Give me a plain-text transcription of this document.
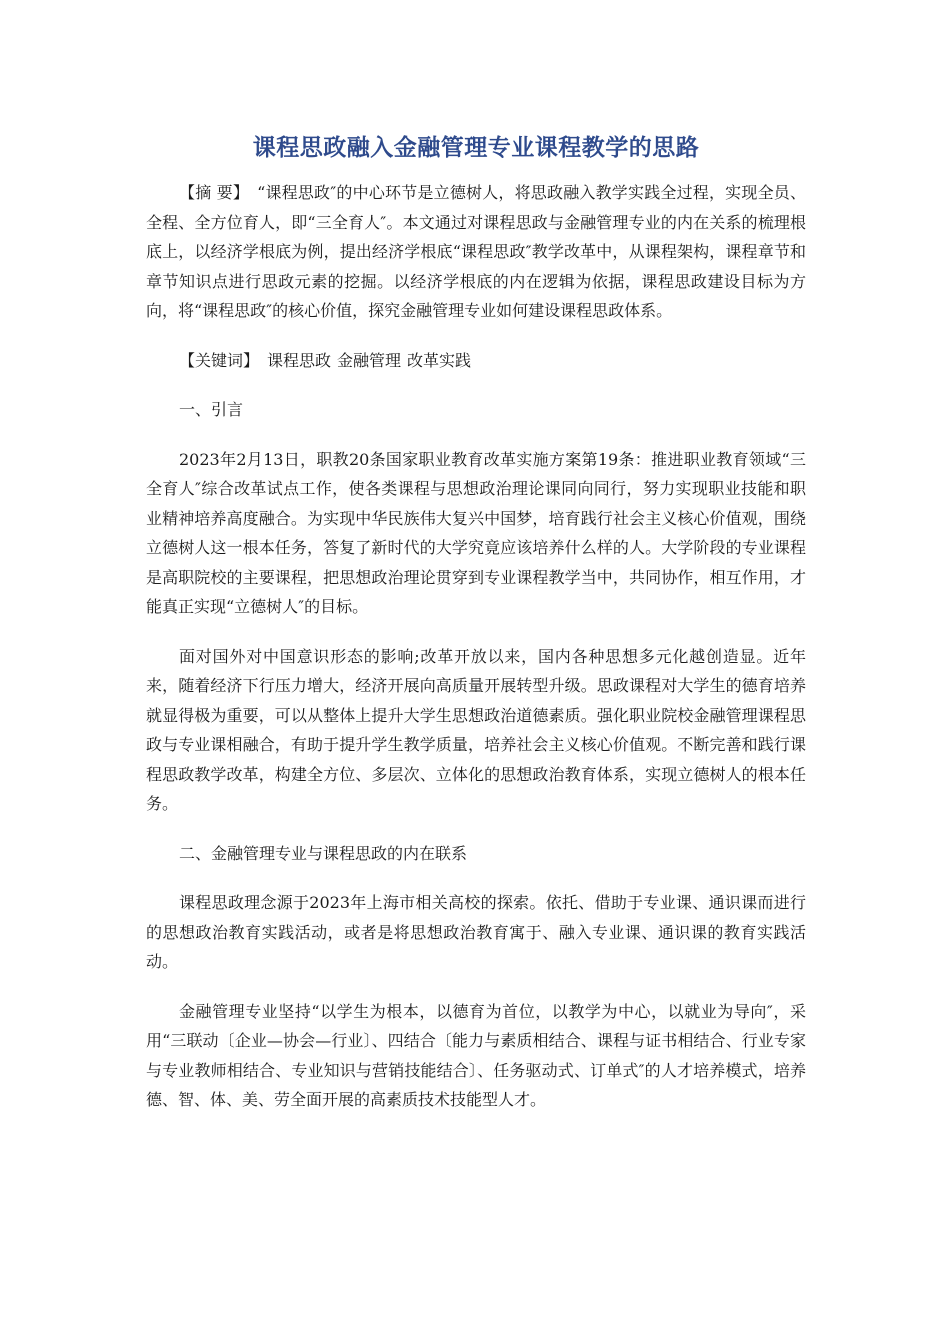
课程思政融入金融管理专业课程教学的思路

【摘 要】 “课程思政″的中心环节是立德树人，将思政融入教学实践全过程，实现全员、全程、全方位育人，即“三全育人″。本文通过对课程思政与金融管理专业的内在关系的梳理根底上，以经济学根底为例，提出经济学根底“课程思政″教学改革中，从课程架构，课程章节和章节知识点进行思政元素的挖掘。以经济学根底的内在逻辑为依据，课程思政建设目标为方向，将“课程思政″的核心价值，探究金融管理专业如何建设课程思政体系。

【关键词】 课程思政 金融管理 改革实践

一、引言

2023年2月13日，职教20条国家职业教育改革实施方案第19条：推进职业教育领域“三全育人″综合改革试点工作，使各类课程与思想政治理论课同向同行，努力实现职业技能和职业精神培养高度融合。为实现中华民族伟大复兴中国梦，培育践行社会主义核心价值观，围绕立德树人这一根本任务，答复了新时代的大学究竟应该培养什么样的人。大学阶段的专业课程是高职院校的主要课程，把思想政治理论贯穿到专业课程教学当中，共同协作，相互作用，才能真正实现“立德树人″的目标。

面对国外对中国意识形态的影响;改革开放以来，国内各种思想多元化越创造显。近年来，随着经济下行压力增大，经济开展向高质量开展转型升级。思政课程对大学生的德育培养就显得极为重要，可以从整体上提升大学生思想政治道德素质。强化职业院校金融管理课程思政与专业课相融合，有助于提升学生教学质量，培养社会主义核心价值观。不断完善和践行课程思政教学改革，构建全方位、多层次、立体化的思想政治教育体系，实现立德树人的根本任务。

二、金融管理专业与课程思政的内在联系

课程思政理念源于2023年上海市相关高校的探索。依托、借助于专业课、通识课而进行的思想政治教育实践活动，或者是将思想政治教育寓于、融入专业课、通识课的教育实践活动。

金融管理专业坚持“以学生为根本，以德育为首位，以教学为中心，以就业为导向″，采用“三联动〔企业—协会—行业〕、四结合〔能力与素质相结合、课程与证书相结合、行业专家与专业教师相结合、专业知识与营销技能结合〕、任务驱动式、订单式″的人才培养模式，培养德、智、体、美、劳全面开展的高素质技术技能型人才。
